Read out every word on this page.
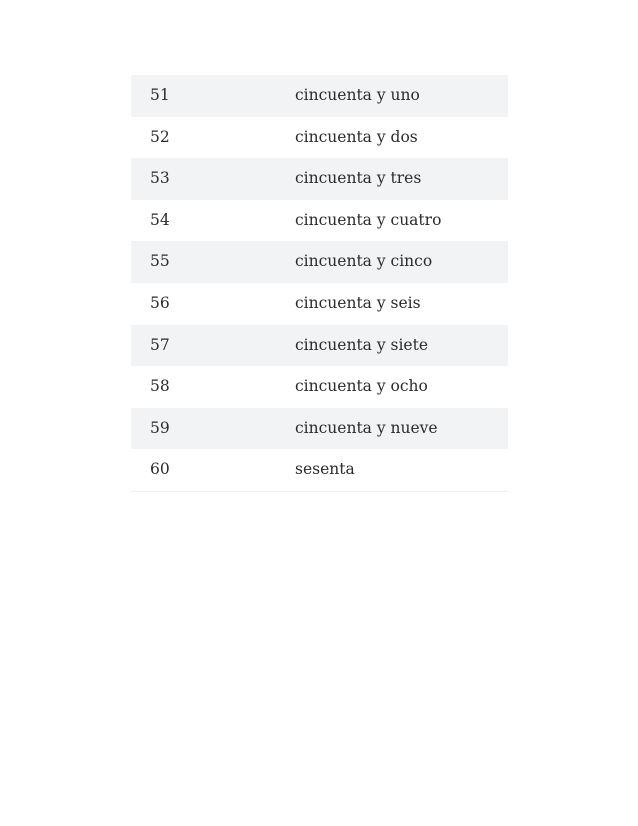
51	cincuenta y uno
52	cincuenta y dos
53	cincuenta y tres
54	cincuenta y cuatro
55	cincuenta y cinco
56	cincuenta y seis
57	cincuenta y siete
58	cincuenta y ocho
59	cincuenta y nueve
60	sesenta
